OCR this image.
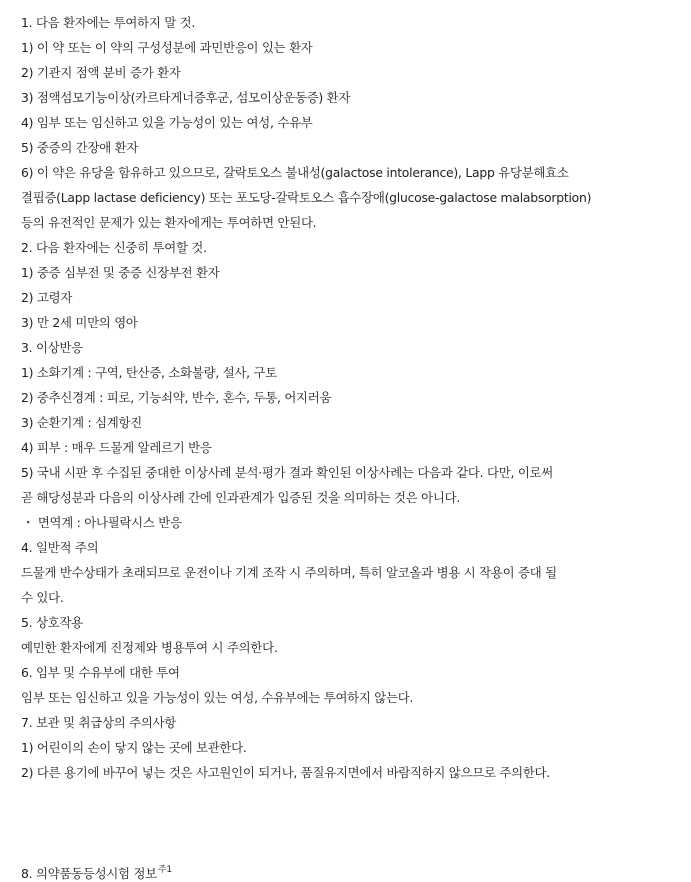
1. 다음 환자에는 투여하지 말 것.
1) 이 약 또는 이 약의 구성성분에 과민반응이 있는 환자
2) 기관지 점액 분비 증가 환자
3) 점액섬모기능이상(카르타게너증후군, 섬모이상운동증) 환자
4) 임부 또는 임신하고 있을 가능성이 있는 여성, 수유부
5) 중증의 간장애 환자
6) 이 약은 유당을 함유하고 있으므로, 갈락토오스 불내성(galactose intolerance), Lapp 유당분해효소
결핍증(Lapp lactase deficiency) 또는 포도당-갈락토오스 흡수장애(glucose-galactose malabsorption)
등의 유전적인 문제가 있는 환자에게는 투여하면 안된다.
2. 다음 환자에는 신중히 투여할 것.
1) 중증 심부전 및 중증 신장부전 환자
2) 고령자
3) 만 2세 미만의 영아
3. 이상반응
1) 소화기계 : 구역, 탄산증, 소화불량, 설사, 구토
2) 중추신경계 : 피로, 기능쇠약, 반수, 혼수, 두통, 어지러움
3) 순환기계 : 심계항진
4) 피부 : 매우 드물게 알레르기 반응
5) 국내 시판 후 수집된 중대한 이상사례 분석·평가 결과 확인된 이상사례는 다음과 같다. 다만, 이로써
곧 해당성분과 다음의 이상사례 간에 인과관계가 입증된 것을 의미하는 것은 아니다.
・ 면역계 : 아나필락시스 반응
4. 일반적 주의
드물게 반수상태가 초래되므로 운전이나 기계 조작 시 주의하며, 특히 알코올과 병용 시 작용이 증대 될
수 있다.
5. 상호작용
예민한 환자에게 진정제와 병용투여 시 주의한다.
6. 임부 및 수유부에 대한 투여
임부 또는 임신하고 있을 가능성이 있는 여성, 수유부에는 투여하지 않는다.
7. 보관 및 취급상의 주의사항
1) 어린이의 손이 닿지 않는 곳에 보관한다.
2) 다른 용기에 바꾸어 넣는 것은 사고원인이 되거나, 품질유지면에서 바람직하지 않으므로 주의한다.
8. 의약품동등성시험 정보$^{주1}$
